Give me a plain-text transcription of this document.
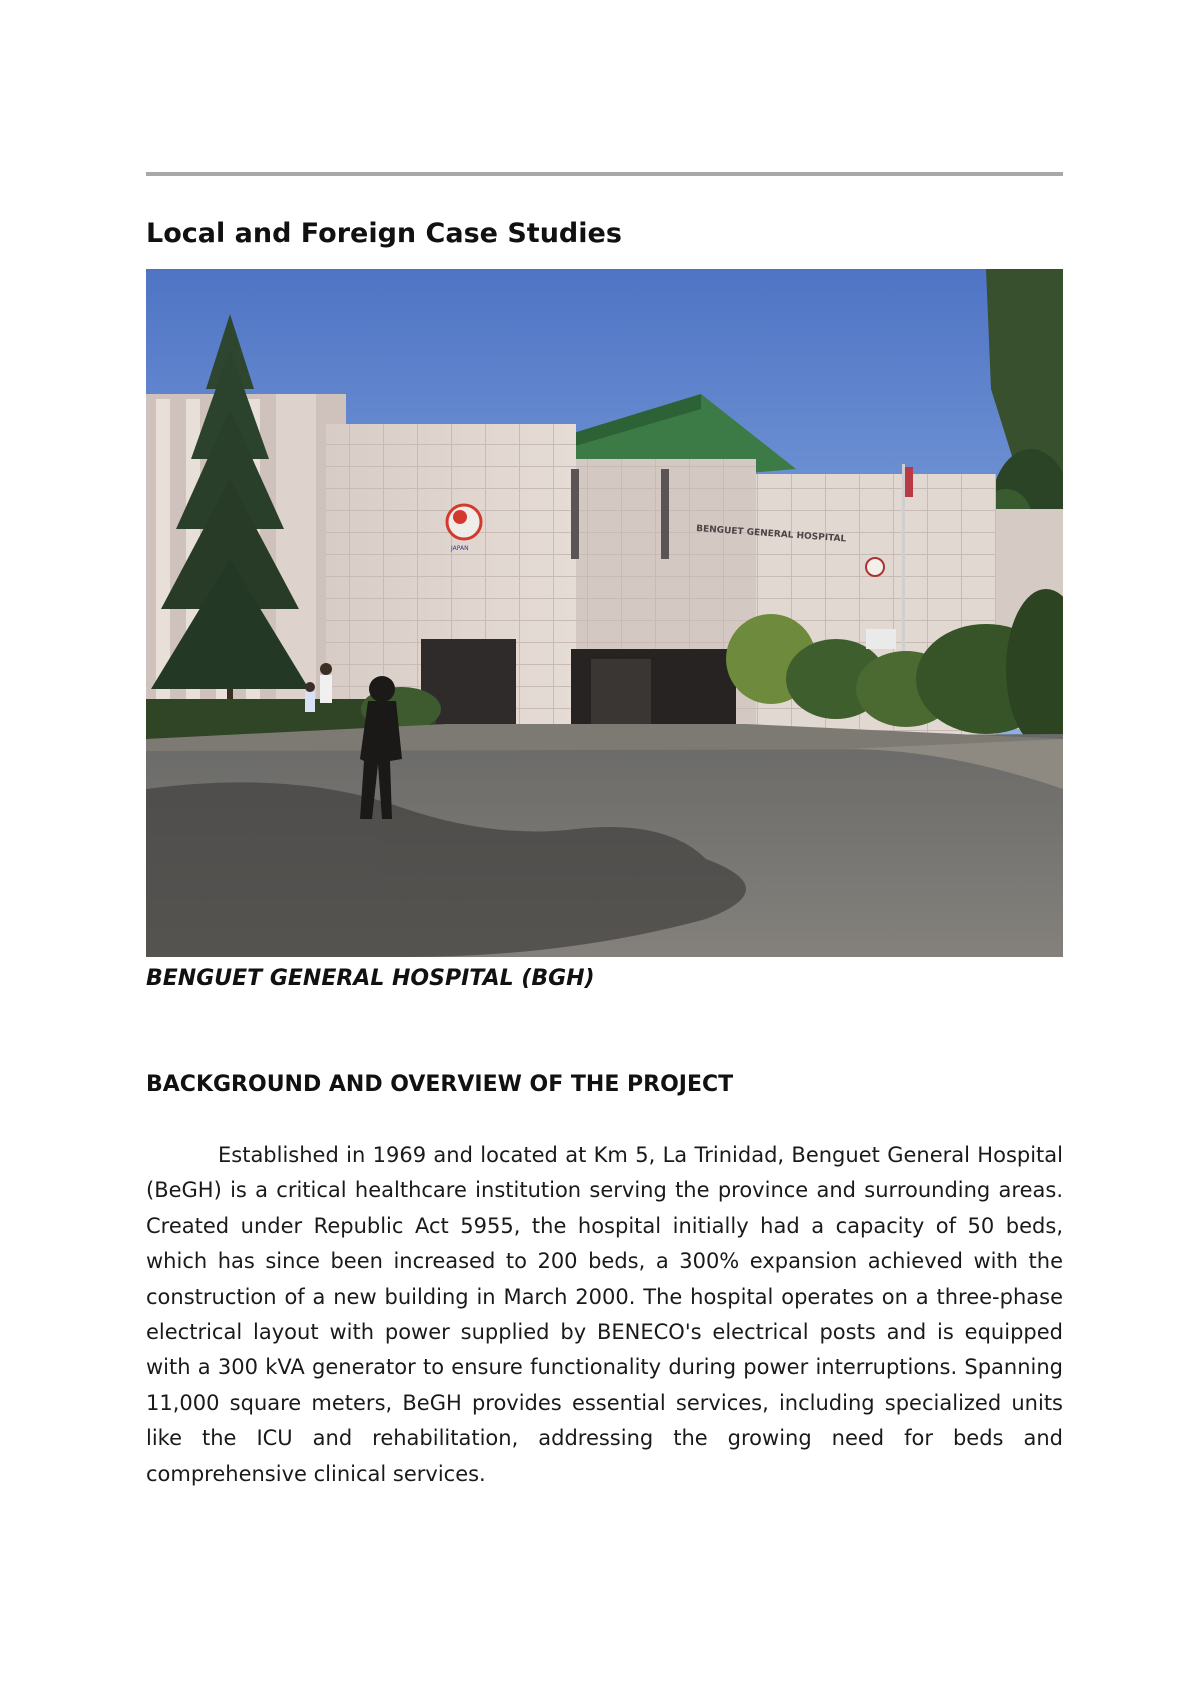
Local and Foreign Case Studies
BENGUET GENERAL HOSPITAL
JAPAN

BENGUET GENERAL HOSPITAL (BGH)

BACKGROUND AND OVERVIEW OF THE PROJECT

Established in 1969 and located at Km 5, La Trinidad, Benguet General Hospital (BeGH) is a critical healthcare institution serving the province and surrounding areas. Created under Republic Act 5955, the hospital initially had a capacity of 50 beds, which has since been increased to 200 beds, a 300% expansion achieved with the construction of a new building in March 2000. The hospital operates on a three-phase electrical layout with power supplied by BENECO's electrical posts and is equipped with a 300 kVA generator to ensure functionality during power interruptions. Spanning 11,000 square meters, BeGH provides essential services, including specialized units like the ICU and rehabilitation, addressing the growing need for beds and comprehensive clinical services.
